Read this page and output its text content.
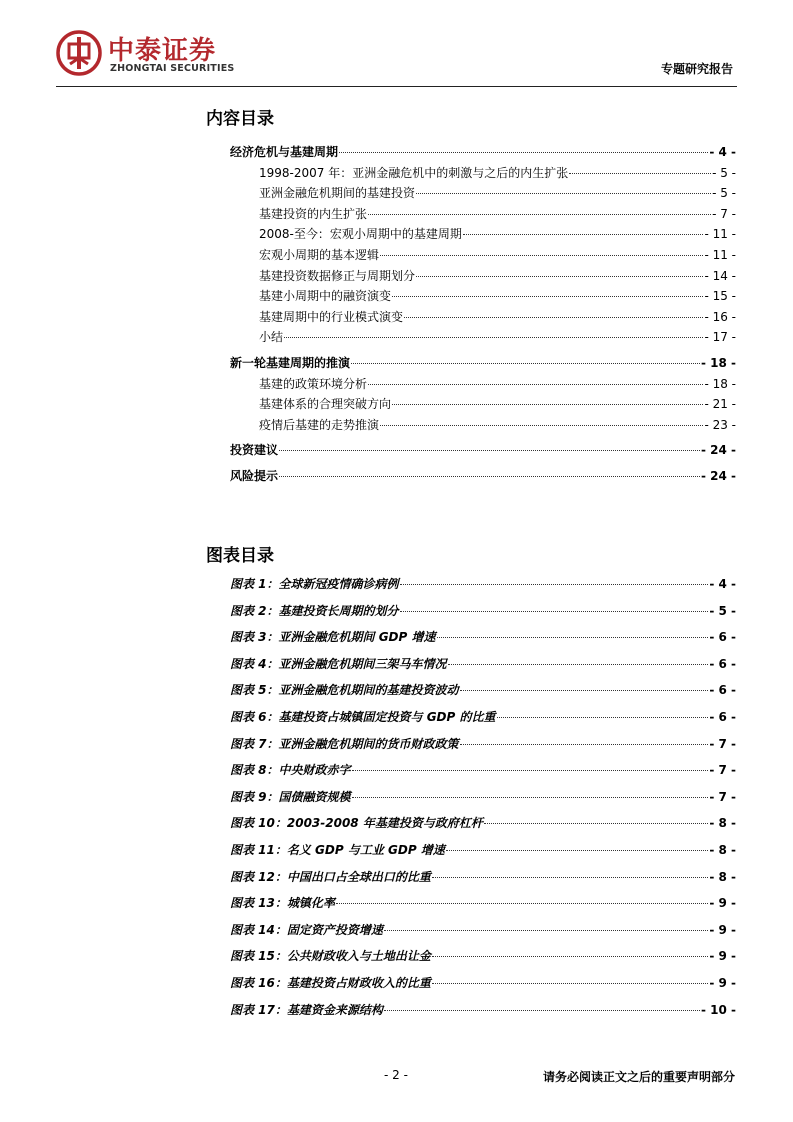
中泰证券
ZHONGTAI SECURITIES	专题研究报告
内容目录
经济危机与基建周期	- 4 -
1998-2007 年：亚洲金融危机中的刺激与之后的内生扩张	- 5 -
亚洲金融危机期间的基建投资	- 5 -
基建投资的内生扩张	- 7 -
2008-至今：宏观小周期中的基建周期	- 11 -
宏观小周期的基本逻辑	- 11 -
基建投资数据修正与周期划分	- 14 -
基建小周期中的融资演变	- 15 -
基建周期中的行业模式演变	- 16 -
小结	- 17 -
新一轮基建周期的推演	- 18 -
基建的政策环境分析	- 18 -
基建体系的合理突破方向	- 21 -
疫情后基建的走势推演	- 23 -
投资建议	- 24 -
风险提示	- 24 -
图表目录
图表 1：全球新冠疫情确诊病例	- 4 -
图表 2：基建投资长周期的划分	- 5 -
图表 3：亚洲金融危机期间 GDP 增速	- 6 -
图表 4：亚洲金融危机期间三架马车情况	- 6 -
图表 5：亚洲金融危机期间的基建投资波动	- 6 -
图表 6：基建投资占城镇固定投资与 GDP 的比重	- 6 -
图表 7：亚洲金融危机期间的货币财政政策	- 7 -
图表 8：中央财政赤字	- 7 -
图表 9：国债融资规模	- 7 -
图表 10：2003-2008 年基建投资与政府杠杆	- 8 -
图表 11：名义 GDP 与工业 GDP 增速	- 8 -
图表 12：中国出口占全球出口的比重	- 8 -
图表 13：城镇化率	- 9 -
图表 14：固定资产投资增速	- 9 -
图表 15：公共财政收入与土地出让金	- 9 -
图表 16：基建投资占财政收入的比重	- 9 -
图表 17：基建资金来源结构	- 10 -
- 2 -	请务必阅读正文之后的重要声明部分
